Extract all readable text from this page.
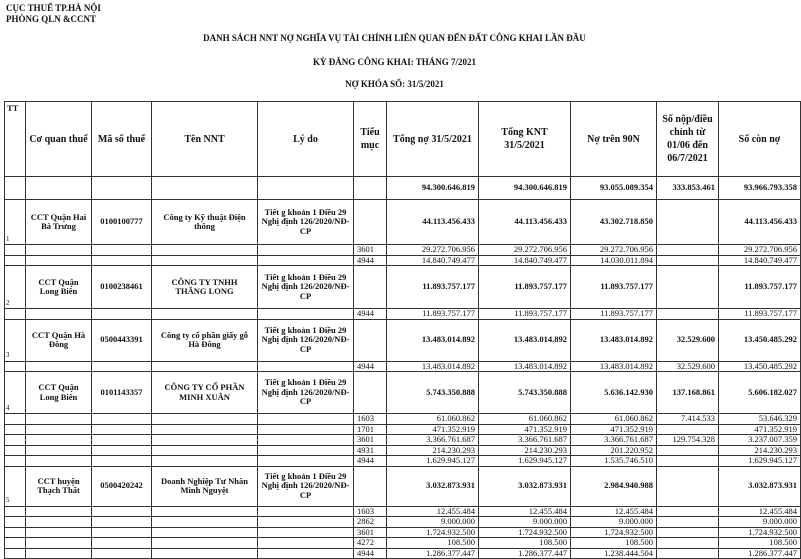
CỤC THUẾ TP.HÀ NỘI
PHÒNG QLN &CCNT
DANH SÁCH NNT NỢ NGHĨA VỤ TÀI CHÍNH LIÊN QUAN ĐẾN ĐẤT CÔNG KHAI LẦN ĐẦU
KỲ ĐĂNG CÔNG KHAI: THÁNG 7/2021
NỢ KHÓA SỔ: 31/5/2021
TT	Cơ quan thuế	Mã số thuế	Tên NNT	Lý do	Tiểu mục	Tổng nợ 31/5/2021	Tổng KNT 31/5/2021	Nợ trên 90N	Số nộp/điều chỉnh từ 01/06 đến 06/7/2021	Số còn nợ
						94.300.646.819	94.300.646.819	93.055.089.354	333.853.461	93.966.793.358
1	CCT Quận Hai Bà Trưng	0100100777	Công ty Kỹ thuật Điện thông	Tiết g khoản 1 Điều 29 Nghị định 126/2020/NĐ-CP		44.113.456.433	44.113.456.433	43.302.718.850		44.113.456.433
					3601	29.272.706.956	29.272.706.956	29.272.706.956		29.272.706.956
					4944	14.840.749.477	14.840.749.477	14.030.011.894		14.840.749.477
2	CCT Quận Long Biên	0100238461	CÔNG TY TNHH THĂNG LONG	Tiết g khoản 1 Điều 29 Nghị định 126/2020/NĐ-CP		11.893.757.177	11.893.757.177	11.893.757.177		11.893.757.177
					4944	11.893.757.177	11.893.757.177	11.893.757.177		11.893.757.177
3	CCT Quận Hà Đông	0500443391	Công ty cổ phần giấy gỗ Hà Đông	Tiết g khoản 1 Điều 29 Nghị định 126/2020/NĐ-CP		13.483.014.892	13.483.014.892	13.483.014.892	32.529.600	13.450.485.292
					4944	13.483.014.892	13.483.014.892	13.483.014.892	32.529.600	13.450.485.292
4	CCT Quận Long Biên	0101143357	CÔNG TY CỔ PHẦN MINH XUÂN	Tiết g khoản 1 Điều 29 Nghị định 126/2020/NĐ-CP		5.743.350.888	5.743.350.888	5.636.142.930	137.168.861	5.606.182.027
					1603	61.060.862	61.060.862	61.060.862	7.414.533	53.646.329
					1701	471.352.919	471.352.919	471.352.919		471.352.919
					3601	3.366.761.687	3.366.761.687	3.366.761.687	129.754.328	3.237.007.359
					4931	214.230.293	214.230.293	201.220.952		214.230.293
					4944	1.629.945.127	1.629.945.127	1.535.746.510		1.629.945.127
5	CCT huyện Thạch Thất	0500420242	Doanh Nghiệp Tư Nhân Minh Nguyệt	Tiết g khoản 1 Điều 29 Nghị định 126/2020/NĐ-CP		3.032.873.931	3.032.873.931	2.984.940.988		3.032.873.931
					1603	12.455.484	12.455.484	12.455.484		12.455.484
					2862	9.000.000	9.000.000	9.000.000		9.000.000
					3601	1.724.932.500	1.724.932.500	1.724.932.500		1.724.932.500
					4272	108.500	108.500	108.500		108.500
					4944	1.286.377.447	1.286.377.447	1.238.444.504		1.286.377.447
